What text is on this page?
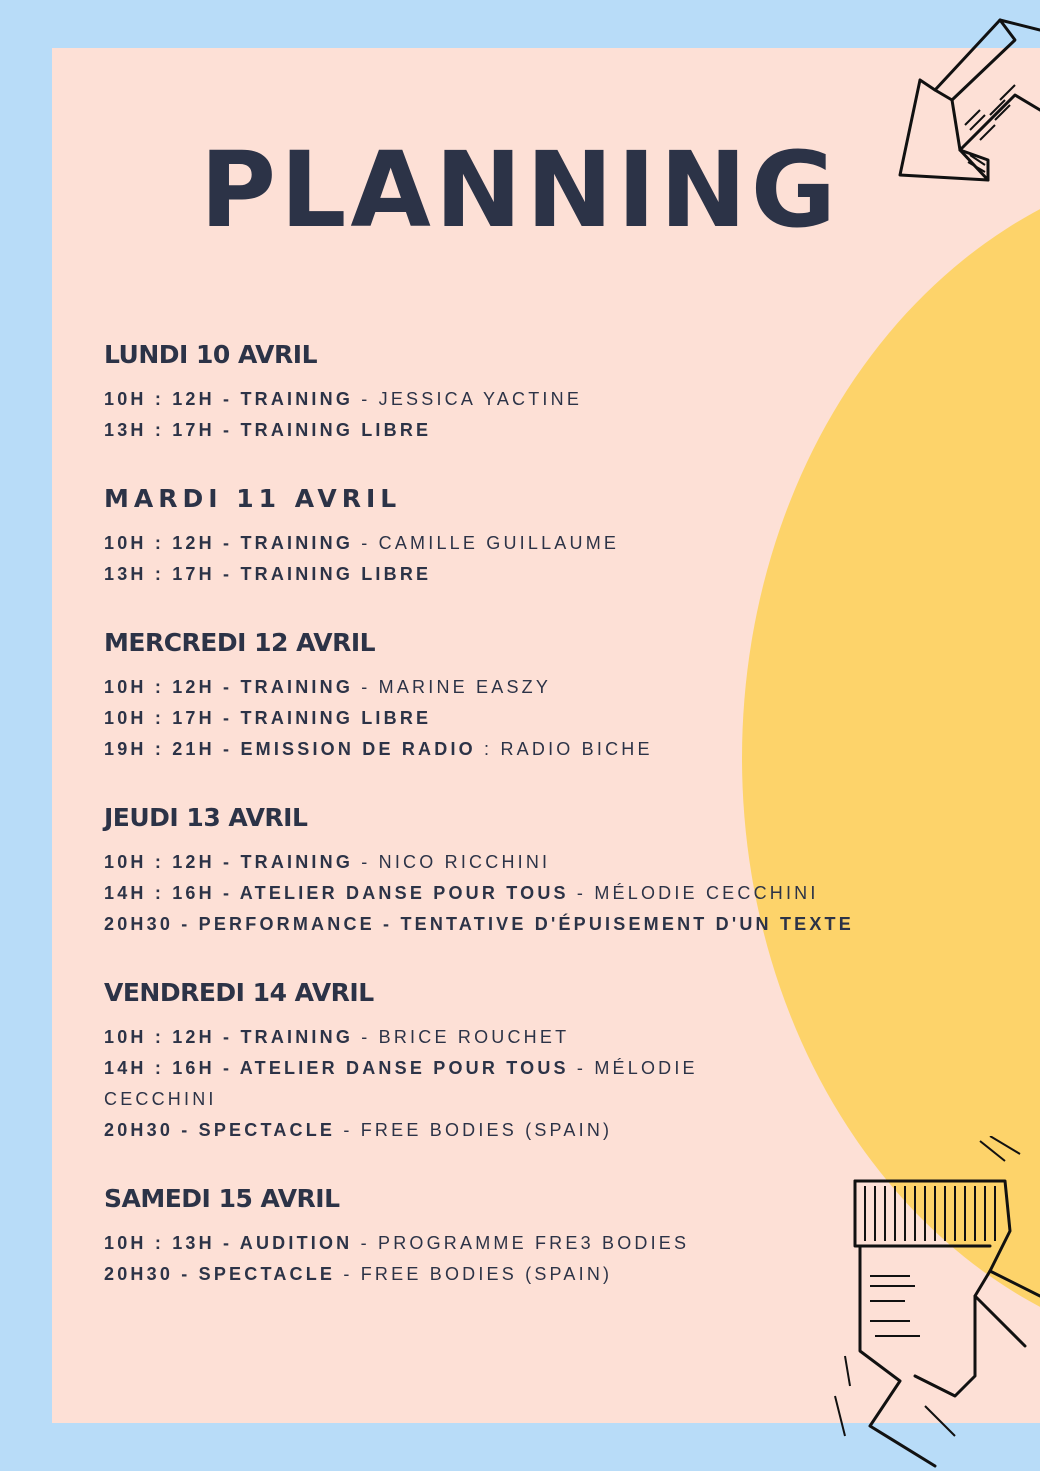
PLANNING
LUNDI 10 AVRIL

10H : 12H - TRAINING - JESSICA YACTINE

13H : 17H - TRAINING LIBRE

MARDI 11 AVRIL

10H : 12H - TRAINING - CAMILLE GUILLAUME

13H : 17H - TRAINING LIBRE

MERCREDI 12 AVRIL

10H : 12H - TRAINING - MARINE EASZY

10H : 17H - TRAINING LIBRE

19H : 21H - EMISSION DE RADIO : RADIO BICHE

JEUDI 13 AVRIL

10H : 12H - TRAINING - NICO RICCHINI

14H : 16H - ATELIER DANSE POUR TOUS - MÉLODIE CECCHINI

20H30 - PERFORMANCE - TENTATIVE D'ÉPUISEMENT D'UN TEXTE

VENDREDI 14 AVRIL

10H : 12H - TRAINING - BRICE ROUCHET

14H : 16H - ATELIER DANSE POUR TOUS - MÉLODIE CECCHINI

20H30 - SPECTACLE - FREE BODIES (SPAIN)

SAMEDI 15 AVRIL

10H : 13H - AUDITION - PROGRAMME FRE3 BODIES

20H30 - SPECTACLE - FREE BODIES (SPAIN)
